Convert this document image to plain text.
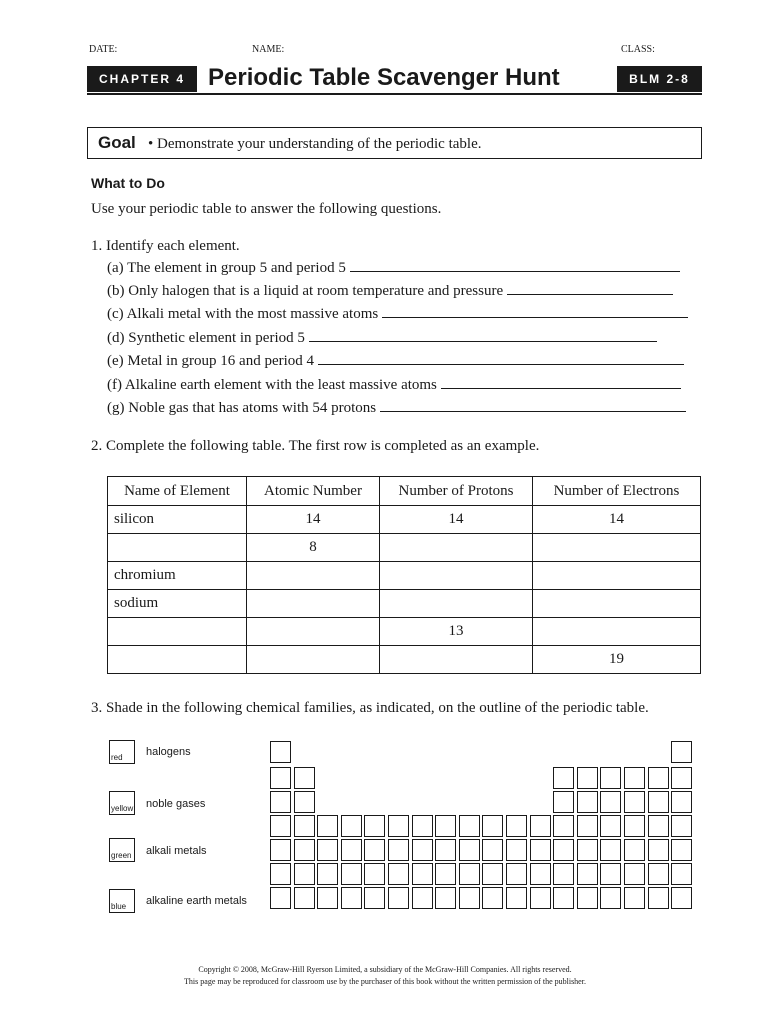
DATE:	NAME:	CLASS:
CHAPTER 4 Periodic Table Scavenger Hunt	BLM 2-8
Goal • Demonstrate your understanding of the periodic table.
What to Do
Use your periodic table to answer the following questions.
1. Identify each element.
(a) The element in group 5 and period 5
(b) Only halogen that is a liquid at room temperature and pressure
(c) Alkali metal with the most massive atoms
(d) Synthetic element in period 5
(e) Metal in group 16 and period 4
(f) Alkaline earth element with the least massive atoms
(g) Noble gas that has atoms with 54 protons
2. Complete the following table. The first row is completed as an example.
Name of Element	Atomic Number	Number of Protons	Number of Electrons
silicon	14	14	14
	8		
chromium			
sodium			
		13	
			19
3. Shade in the following chemical families, as indicated, on the outline of the periodic table.
red halogens
yellow noble gases
green alkali metals
blue alkaline earth metals
Copyright © 2008, McGraw-Hill Ryerson Limited, a subsidiary of the McGraw-Hill Companies. All rights reserved.
This page may be reproduced for classroom use by the purchaser of this book without the written permission of the publisher.
